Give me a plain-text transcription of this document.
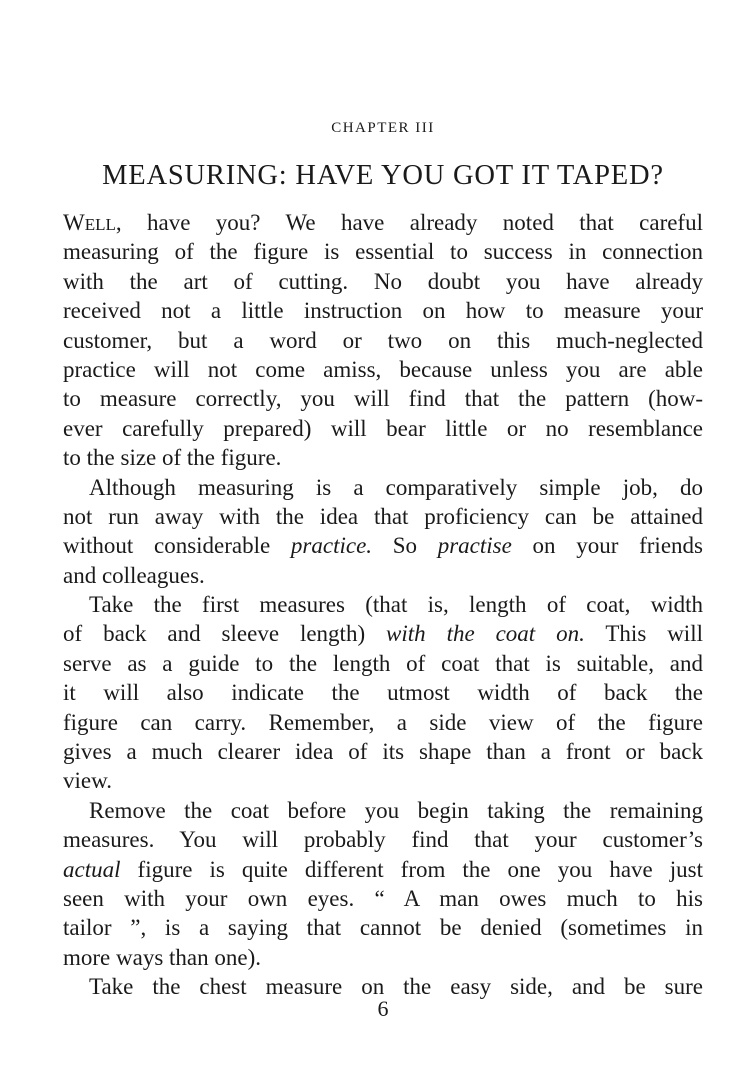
CHAPTER III
MEASURING: HAVE YOU GOT IT TAPED?
WELL, have you? We have already noted that careful
measuring of the figure is essential to success in connection
with the art of cutting. No doubt you have already
received not a little instruction on how to measure your
customer, but a word or two on this much-neglected
practice will not come amiss, because unless you are able
to measure correctly, you will find that the pattern (how-
ever carefully prepared) will bear little or no resemblance
to the size of the figure.
Although measuring is a comparatively simple job, do
not run away with the idea that proficiency can be attained
without considerable practice. So practise on your friends
and colleagues.
Take the first measures (that is, length of coat, width
of back and sleeve length) with the coat on. This will
serve as a guide to the length of coat that is suitable, and
it will also indicate the utmost width of back the
figure can carry. Remember, a side view of the figure
gives a much clearer idea of its shape than a front or back
view.
Remove the coat before you begin taking the remaining
measures. You will probably find that your customer’s
actual figure is quite different from the one you have just
seen with your own eyes. “ A man owes much to his
tailor ”, is a saying that cannot be denied (sometimes in
more ways than one).
Take the chest measure on the easy side, and be sure
6
